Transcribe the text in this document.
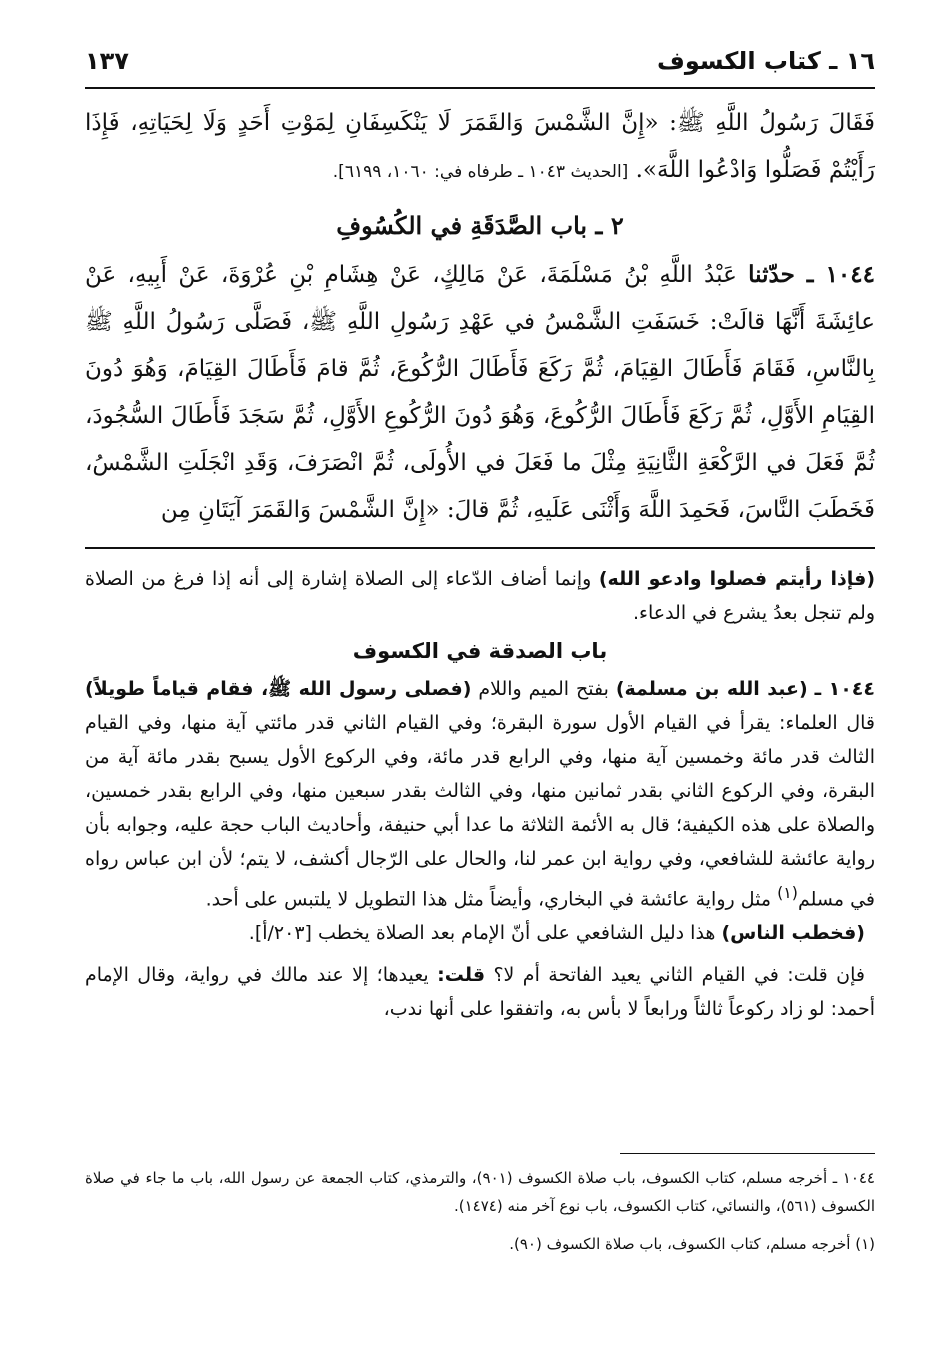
١٣٧	١٦ ـ كتاب الكسوف
فَقَالَ رَسُولُ اللَّهِ ﷺ: «إِنَّ الشَّمْسَ وَالقَمَرَ لَا يَنْكَسِفَانِ لِمَوْتِ أَحَدٍ وَلَا لِحَيَاتِهِ، فَإِذَا رَأَيْتُمْ فَصَلُّوا وَادْعُوا اللَّهَ». [الحديث ١٠٤٣ ـ طرفاه في: ١٠٦٠، ٦١٩٩].
٢ ـ باب الصَّدَقَةِ في الكُسُوفِ
١٠٤٤ ـ حدّثنا عَبْدُ اللَّهِ بْنُ مَسْلَمَةَ، عَنْ مَالِكٍ، عَنْ هِشَامِ بْنِ عُرْوَةَ، عَنْ أَبِيهِ، عَنْ عائِشَةَ أَنَّهَا قالَتْ: خَسَفَتِ الشَّمْسُ في عَهْدِ رَسُولِ اللَّهِ ﷺ، فَصَلَّى رَسُولُ اللَّهِ ﷺ بِالنَّاسِ، فَقَامَ فَأَطَالَ القِيَامَ، ثُمَّ رَكَعَ فَأَطَالَ الرُّكُوعَ، ثُمَّ قامَ فَأَطَالَ القِيَامَ، وَهُوَ دُونَ القِيَامِ الأَوَّلِ، ثُمَّ رَكَعَ فَأَطَالَ الرُّكُوعَ، وَهُوَ دُونَ الرُّكُوعِ الأَوَّلِ، ثُمَّ سَجَدَ فَأَطَالَ السُّجُودَ، ثُمَّ فَعَلَ في الرَّكْعَةِ الثَّانِيَةِ مِثْلَ ما فَعَلَ في الأُولَى، ثُمَّ انْصَرَفَ، وَقَدِ انْجَلَتِ الشَّمْسُ، فَخَطَبَ النَّاسَ، فَحَمِدَ اللَّهَ وَأَثْنَى عَلَيهِ، ثُمَّ قالَ: «إِنَّ الشَّمْسَ وَالقَمَرَ آيَتَانِ مِن

(فإذا رأيتم فصلوا وادعو الله) وإنما أضاف الدّعاء إلى الصلاة إشارة إلى أنه إذا فرغ من الصلاة ولم تنجل بعدُ يشرع في الدعاء.

باب الصدقة في الكسوف

١٠٤٤ ـ (عبد الله بن مسلمة) بفتح الميم واللام (فصلى رسول الله ﷺ، فقام قياماً طويلاً) قال العلماء: يقرأ في القيام الأول سورة البقرة؛ وفي القيام الثاني قدر مائتي آية منها، وفي القيام الثالث قدر مائة وخمسين آية منها، وفي الرابع قدر مائة، وفي الركوع الأول يسبح بقدر مائة آية من البقرة، وفي الركوع الثاني بقدر ثمانين منها، وفي الثالث بقدر سبعين منها، وفي الرابع بقدر خمسين، والصلاة على هذه الكيفية؛ قال به الأئمة الثلاثة ما عدا أبي حنيفة، وأحاديث الباب حجة عليه، وجوابه بأن رواية عائشة للشافعي، وفي رواية ابن عمر لنا، والحال على الرّجال أكشف، لا يتم؛ لأن ابن عباس رواه في مسلم$^{(١)}$ مثل رواية عائشة في البخاري، وأيضاً مثل هذا التطويل لا يلتبس على أحد.

(فخطب الناس) هذا دليل الشافعي على أنّ الإمام بعد الصلاة يخطب [٢٠٣/أ].

فإن قلت: في القيام الثاني يعيد الفاتحة أم لا؟ قلت: يعيدها؛ إلا عند مالك في رواية، وقال الإمام أحمد: لو زاد ركوعاً ثالثاً ورابعاً لا بأس به، واتفقوا على أنها ندب،

١٠٤٤ ـ أخرجه مسلم، كتاب الكسوف، باب صلاة الكسوف (٩٠١)، والترمذي، كتاب الجمعة عن رسول الله، باب ما جاء في صلاة الكسوف (٥٦١)، والنسائي، كتاب الكسوف، باب نوع آخر منه (١٤٧٤).

(١) أخرجه مسلم، كتاب الكسوف، باب صلاة الكسوف (٩٠).
